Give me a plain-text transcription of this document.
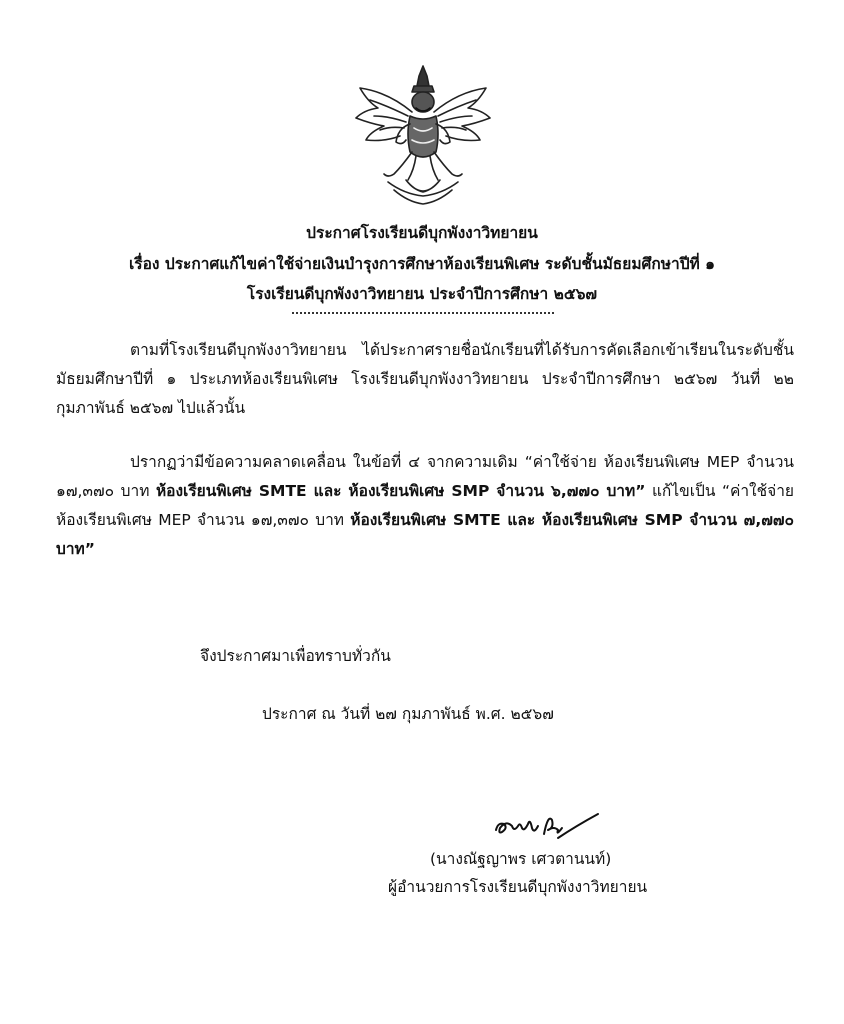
ประกาศโรงเรียนดีบุกพังงาวิทยายน
เรื่อง ประกาศแก้ไขค่าใช้จ่ายเงินบำรุงการศึกษาห้องเรียนพิเศษ ระดับชั้นมัธยมศึกษาปีที่ ๑
โรงเรียนดีบุกพังงาวิทยายน ประจำปีการศึกษา ๒๕๖๗
ตามที่โรงเรียนดีบุกพังงาวิทยายน ได้ประกาศรายชื่อนักเรียนที่ได้รับการคัดเลือกเข้าเรียนในระดับชั้นมัธยมศึกษาปีที่ ๑ ประเภทห้องเรียนพิเศษ โรงเรียนดีบุกพังงาวิทยายน ประจำปีการศึกษา ๒๕๖๗ วันที่ ๒๒ กุมภาพันธ์ ๒๕๖๗ ไปแล้วนั้น
ปรากฏว่ามีข้อความคลาดเคลื่อน ในข้อที่ ๔ จากความเดิม “ค่าใช้จ่าย ห้องเรียนพิเศษ MEP จำนวน ๑๗,๓๗๐ บาท ห้องเรียนพิเศษ SMTE และ ห้องเรียนพิเศษ SMP จำนวน ๖,๗๗๐ บาท” แก้ไขเป็น “ค่าใช้จ่าย ห้องเรียนพิเศษ MEP จำนวน ๑๗,๓๗๐ บาท ห้องเรียนพิเศษ SMTE และ ห้องเรียนพิเศษ SMP จำนวน ๗,๗๗๐ บาท”
จึงประกาศมาเพื่อทราบทั่วกัน
ประกาศ ณ วันที่ ๒๗ กุมภาพันธ์ พ.ศ. ๒๕๖๗
(นางณัฐญาพร เศวตานนท์)
ผู้อำนวยการโรงเรียนดีบุกพังงาวิทยายน
